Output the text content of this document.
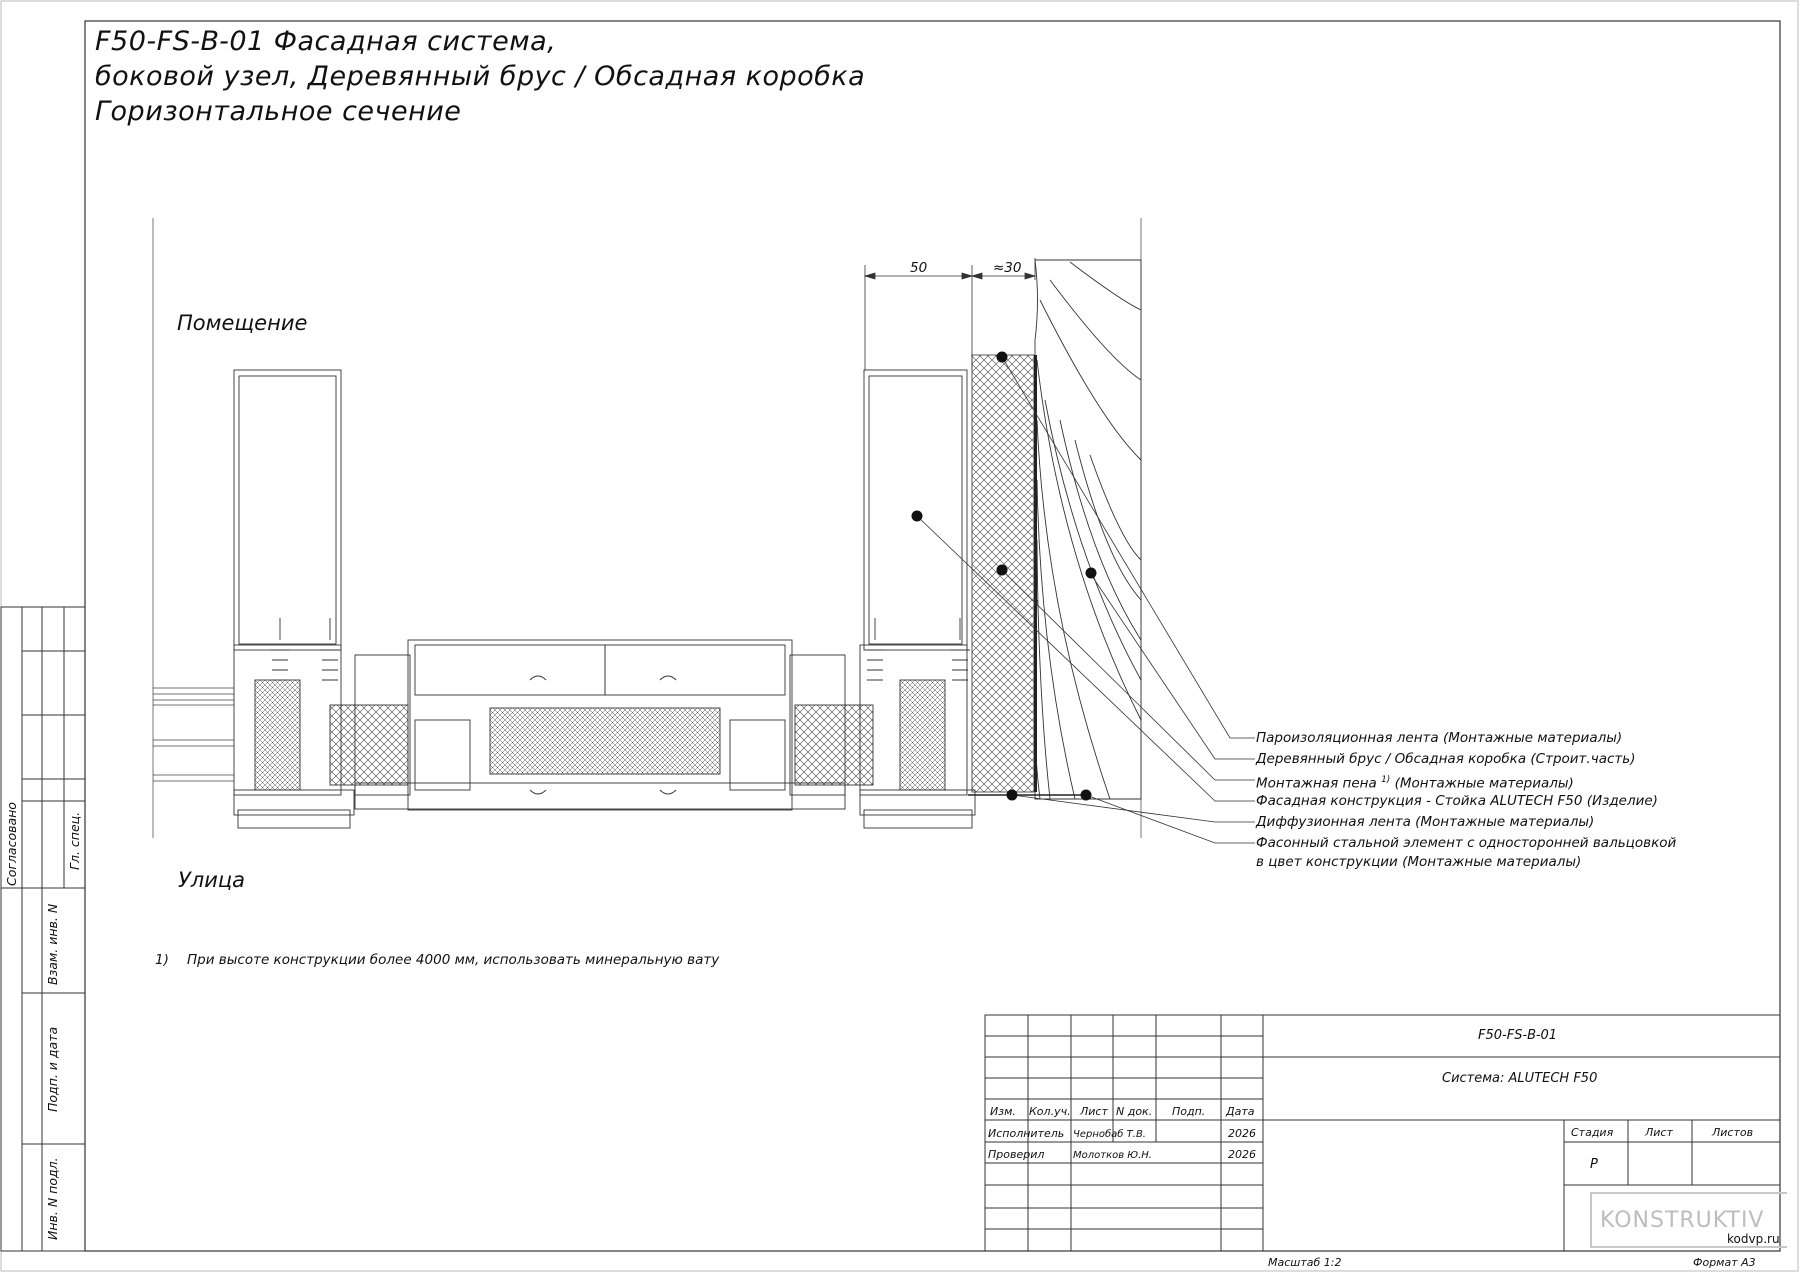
F50-FS-B-01 Фасадная система,
боковой узел, Деревянный брус / Обсадная коробка
Горизонтальное сечение
Помещение
Улица
50	≈30
Пароизоляционная лента (Монтажные материалы)
Деревянный брус / Обсадная коробка (Строит.часть)
Монтажная пена $^{1)}$ (Монтажные материалы)
Фасадная конструкция - Стойка ALUTECH F50 (Изделие)
Диффузионная лента (Монтажные материалы)
Фасонный стальной элемент с односторонней вальцовкой
в цвет конструкции (Монтажные материалы)
1) При высоте конструкции более 4000 мм, использовать минеральную вату
Согласовано	Гл. спец.
Взам. инв. N
Подп. и дата
Инв. N подл.
F50-FS-B-01
Система: ALUTECH F50
Изм. Кол.уч. Лист N док. Подп. Дата
Исполнитель Чернобаб Т.В.	2026
Проверил	Молотков Ю.Н.	2026
Стадия	Лист	Листов
Р
Масштаб 1:2	Формат А3
KONSTRUKTIV
kodvp.ru
